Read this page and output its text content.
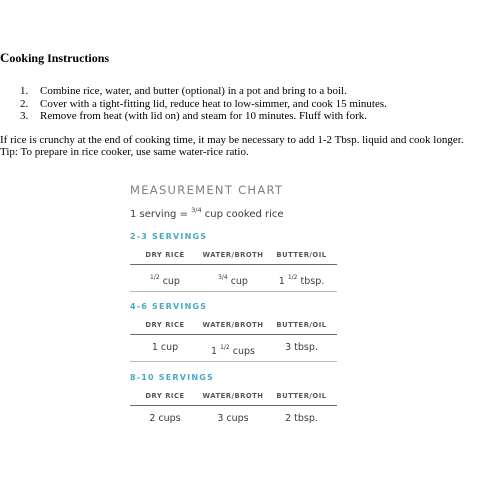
Cooking Instructions

1. Combine rice, water, and butter (optional) in a pot and bring to a boil.
2. Cover with a tight-fitting lid, reduce heat to low-simmer, and cook 15 minutes.
3. Remove from heat (with lid on) and steam for 10 minutes. Fluff with fork.
If rice is crunchy at the end of cooking time, it may be necessary to add 1-2 Tbsp. liquid and cook longer.
Tip: To prepare in rice cooker, use same water-rice ratio.
MEASUREMENT CHART
1 serving = $^{3/4}$ cup cooked rice
2-3 SERVINGS
DRY RICE	WATER/BROTH	BUTTER/OIL
$^{1/2}$ cup	$^{3/4}$ cup	1 $^{1/2}$ tbsp.
4-6 SERVINGS
DRY RICE	WATER/BROTH	BUTTER/OIL
1 cup	1 $^{1/2}$ cups	3 tbsp.
8-10 SERVINGS
DRY RICE	WATER/BROTH	BUTTER/OIL
2 cups	3 cups	2 tbsp.
